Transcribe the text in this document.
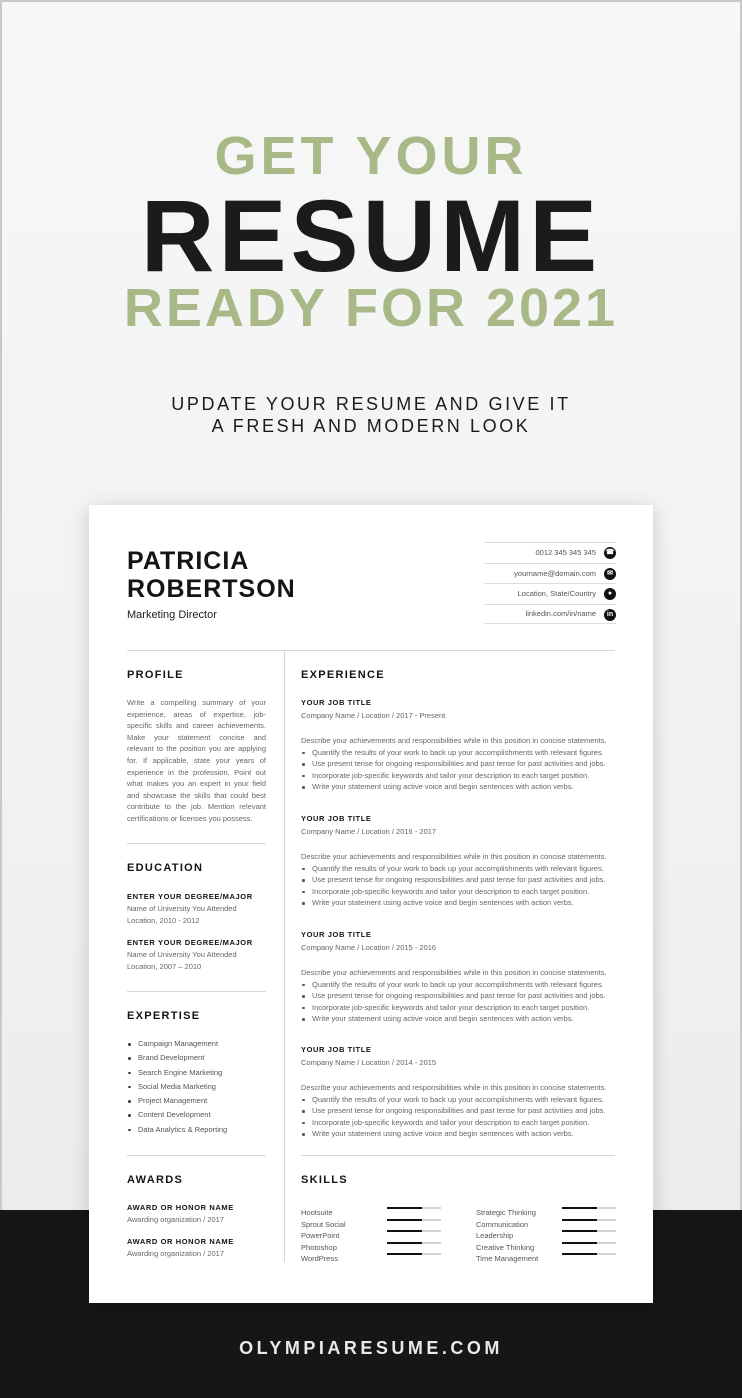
GET YOUR
RESUME
READY FOR 2021
UPDATE YOUR RESUME AND GIVE IT
A FRESH AND MODERN LOOK
OLYMPIARESUME.COM
PATRICIA
ROBERTSON
Marketing Director
0012 345 345 345 ☎
yourname@domain.com	✉
Location, State/Country	●
linkedin.com/in/name	in
PROFILE
Write a compelling summary of your experience, areas of expertise, job-specific skills and career achievements. Make your statement concise and relevant to the position you are applying for. If applicable, state your years of experience in the profession. Point out what makes you an expert in your field and showcase the skills that could best contribute to the job. Mention relevant certifications or licenses you possess.
EDUCATION
ENTER YOUR DEGREE/MAJOR
Name of University You Attended
Location, 2010 - 2012
ENTER YOUR DEGREE/MAJOR
Name of University You Attended
Location, 2007 – 2010
EXPERTISE
Campaign Management
Brand Development
Search Engine Marketing
Social Media Marketing
Project Management
Content Development
Data Analytics & Reporting
AWARDS
AWARD OR HONOR NAME
Awarding organization / 2017
AWARD OR HONOR NAME
Awarding organization / 2017
EXPERIENCE
YOUR JOB TITLE
Company Name / Location / 2017 - Present
Describe your achievements and responsibilities while in this position in concise statements.
Quantify the results of your work to back up your accomplishments with relevant figures.
Use present tense for ongoing responsibilities and past tense for past activities and jobs.
Incorporate job-specific keywords and tailor your description to each target position.
Write your statement using active voice and begin sentences with action verbs.
YOUR JOB TITLE
Company Name / Location / 2016 - 2017
Describe your achievements and responsibilities while in this position in concise statements.
Quantify the results of your work to back up your accomplishments with relevant figures.
Use present tense for ongoing responsibilities and past tense for past activities and jobs.
Incorporate job-specific keywords and tailor your description to each target position.
Write your statement using active voice and begin sentences with action verbs.
YOUR JOB TITLE
Company Name / Location / 2015 - 2016
Describe your achievements and responsibilities while in this position in concise statements.
Quantify the results of your work to back up your accomplishments with relevant figures.
Use present tense for ongoing responsibilities and past tense for past activities and jobs.
Incorporate job-specific keywords and tailor your description to each target position.
Write your statement using active voice and begin sentences with action verbs.
YOUR JOB TITLE
Company Name / Location / 2014 - 2015
Describe your achievements and responsibilities while in this position in concise statements.
Quantify the results of your work to back up your accomplishments with relevant figures.
Use present tense for ongoing responsibilities and past tense for past activities and jobs.
Incorporate job-specific keywords and tailor your description to each target position.
Write your statement using active voice and begin sentences with action verbs.
SKILLS
Hootsuite
Sprout Social
PowerPoint
Photoshop
WordPress
Strategic Thinking
Communication
Leadership
Creative Thinking
Time Management
